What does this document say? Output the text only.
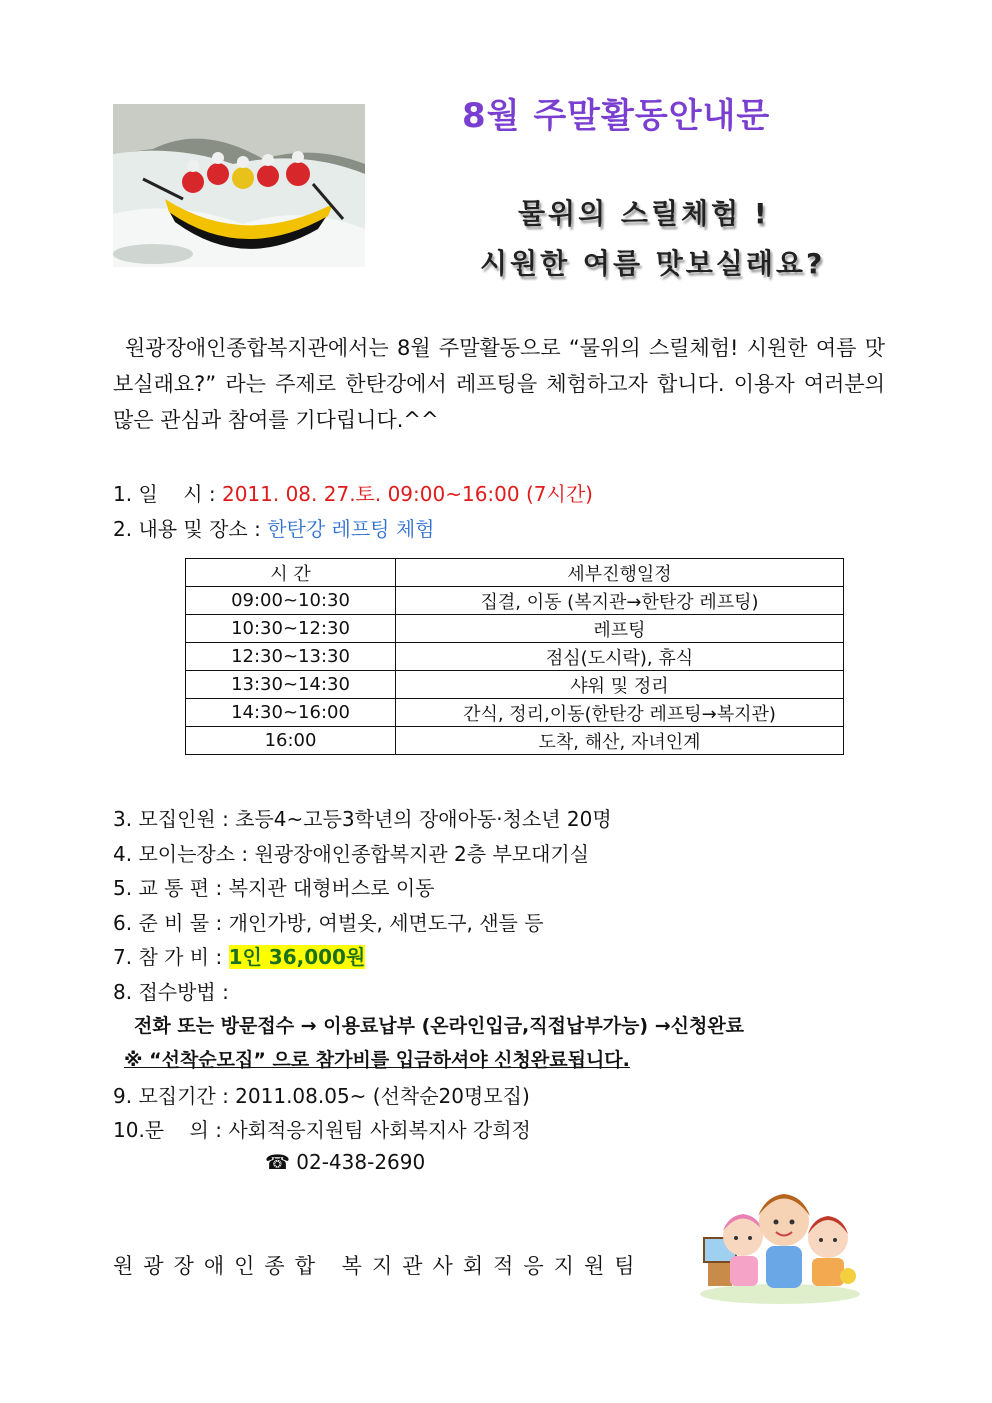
8월 주말활동안내문
물위의 스릴체험 !
시원한 여름 맛보실래요?
원광장애인종합복지관에서는 8월 주말활동으로 “물위의 스릴체험! 시원한 여름 맛보실래요?” 라는 주제로 한탄강에서 레프팅을 체험하고자 합니다. 이용자 여러분의 많은 관심과 참여를 기다립니다.^^
1. 일    시 : 2011. 08. 27.토. 09:00~16:00 (7시간)
2. 내용 및 장소 : 한탄강 레프팅 체험
시 간	세부진행일정
09:00~10:30	집결, 이동 (복지관→한탄강 레프팅)
10:30~12:30	레프팅
12:30~13:30	점심(도시락), 휴식
13:30~14:30	샤워 및 정리
14:30~16:00	간식, 정리,이동(한탄강 레프팅→복지관)
16:00	도착, 해산, 자녀인계
3. 모집인원 : 초등4~고등3학년의 장애아동·청소년 20명
4. 모이는장소 : 원광장애인종합복지관 2층 부모대기실
5. 교 통 편 : 복지관 대형버스로 이동
6. 준 비 물 : 개인가방, 여벌옷, 세면도구, 샌들 등
7. 참 가 비 : 1인 36,000원
8. 접수방법 :
전화 또는 방문접수 → 이용료납부 (온라인입금,직접납부가능) →신청완료
※ “선착순모집” 으로 참가비를 입금하셔야 신청완료됩니다.
9. 모집기간 : 2011.08.05~ (선착순20명모집)
10.문    의 : 사회적응지원팀 사회복지사 강희정
☎ 02-438-2690
원광장애인종합 복지관사회적응지원팀
